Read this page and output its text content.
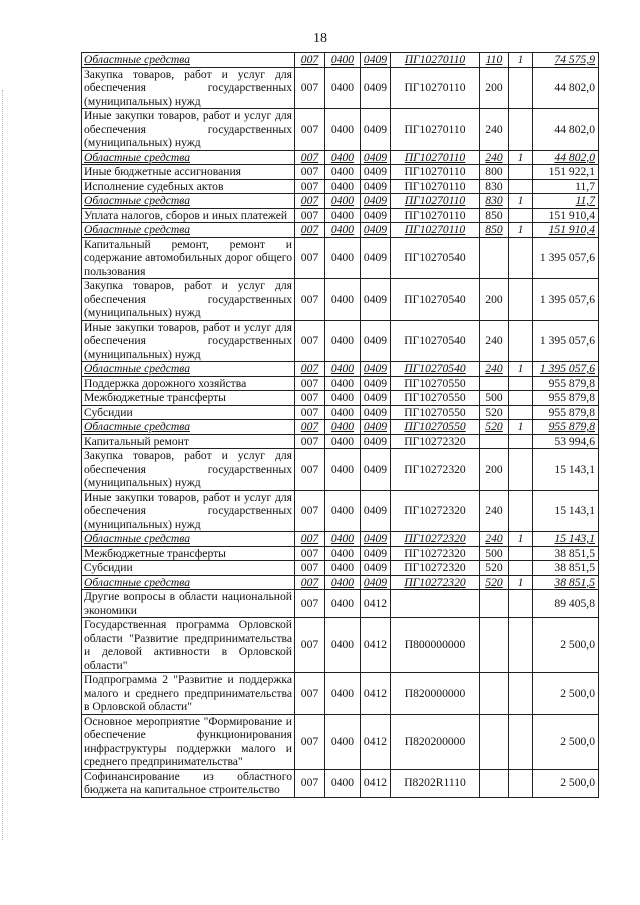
18
Областные средства	007	0400	0409	ПГ10270110	110	1	74 575,9
Закупка товаров, работ и услуг для обеспечения государственных (муниципальных) нужд	007	0400	0409	ПГ10270110	200		44 802,0
Иные закупки товаров, работ и услуг для обеспечения государственных (муниципальных) нужд	007	0400	0409	ПГ10270110	240		44 802,0
Областные средства	007	0400	0409	ПГ10270110	240	1	44 802,0
Иные бюджетные ассигнования	007	0400	0409	ПГ10270110	800		151 922,1
Исполнение судебных актов	007	0400	0409	ПГ10270110	830		11,7
Областные средства	007	0400	0409	ПГ10270110	830	1	11,7
Уплата налогов, сборов и иных платежей	007	0400	0409	ПГ10270110	850		151 910,4
Областные средства	007	0400	0409	ПГ10270110	850	1	151 910,4
Капитальный ремонт, ремонт и содержание автомобильных дорог общего пользования	007	0400	0409	ПГ10270540			1 395 057,6
Закупка товаров, работ и услуг для обеспечения государственных (муниципальных) нужд	007	0400	0409	ПГ10270540	200		1 395 057,6
Иные закупки товаров, работ и услуг для обеспечения государственных (муниципальных) нужд	007	0400	0409	ПГ10270540	240		1 395 057,6
Областные средства	007	0400	0409	ПГ10270540	240	1	1 395 057,6
Поддержка дорожного хозяйства	007	0400	0409	ПГ10270550			955 879,8
Межбюджетные трансферты	007	0400	0409	ПГ10270550	500		955 879,8
Субсидии	007	0400	0409	ПГ10270550	520		955 879,8
Областные средства	007	0400	0409	ПГ10270550	520	1	955 879,8
Капитальный ремонт	007	0400	0409	ПГ10272320			53 994,6
Закупка товаров, работ и услуг для обеспечения государственных (муниципальных) нужд	007	0400	0409	ПГ10272320	200		15 143,1
Иные закупки товаров, работ и услуг для обеспечения государственных (муниципальных) нужд	007	0400	0409	ПГ10272320	240		15 143,1
Областные средства	007	0400	0409	ПГ10272320	240	1	15 143,1
Межбюджетные трансферты	007	0400	0409	ПГ10272320	500		38 851,5
Субсидии	007	0400	0409	ПГ10272320	520		38 851,5
Областные средства	007	0400	0409	ПГ10272320	520	1	38 851,5
Другие вопросы в области национальной экономики	007	0400	0412				89 405,8
Государственная программа Орловской области "Развитие предпринимательства и деловой активности в Орловской области"	007	0400	0412	П800000000			2 500,0
Подпрограмма 2 "Развитие и поддержка малого и среднего предпринимательства в Орловской области"	007	0400	0412	П820000000			2 500,0
Основное мероприятие "Формирование и обеспечение функционирования инфраструктуры поддержки малого и среднего предпринимательства"	007	0400	0412	П820200000			2 500,0
Софинансирование из областного бюджета на капитальное строительство	007	0400	0412	П8202R1110			2 500,0
